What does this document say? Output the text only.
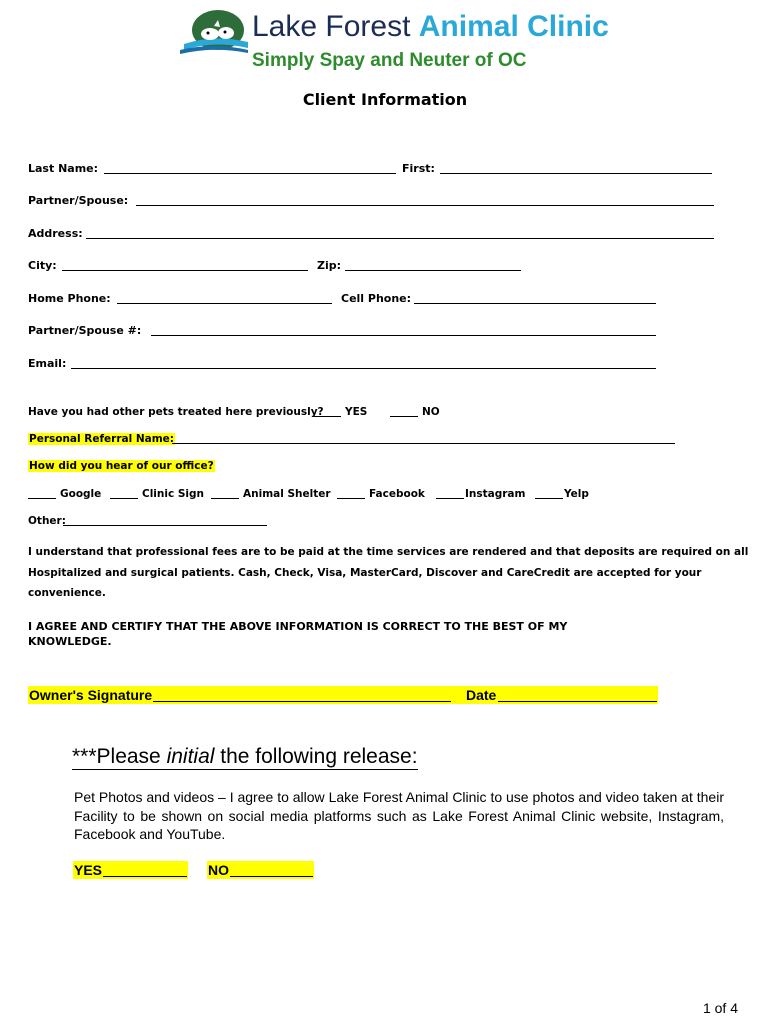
Lake Forest Animal Clinic
Simply Spay and Neuter of OC
Client Information
Last Name:	First:
Partner/Spouse:
Address:
City:	Zip:
Home Phone:	Cell Phone:
Partner/Spouse #:
Email:
Have you had other pets treated here previously? YES	NO
Personal Referral Name:
How did you hear of our office?
Google	Clinic Sign	Animal Shelter	Facebook	Instagram	Yelp
Other:
I understand that professional fees are to be paid at the time services are rendered and that deposits are required on all
Hospitalized and surgical patients. Cash, Check, Visa, MasterCard, Discover and CareCredit are accepted for your
convenience.
I AGREE AND CERTIFY THAT THE ABOVE INFORMATION IS CORRECT TO THE BEST OF MY
KNOWLEDGE.
Owner's Signature	Date
***Please initial the following release:
Pet Photos and videos – I agree to allow Lake Forest Animal Clinic to use photos and video taken at their Facility to be shown on social media platforms such as Lake Forest Animal Clinic website, Instagram, Facebook and YouTube.
YES	NO
1 of 4
